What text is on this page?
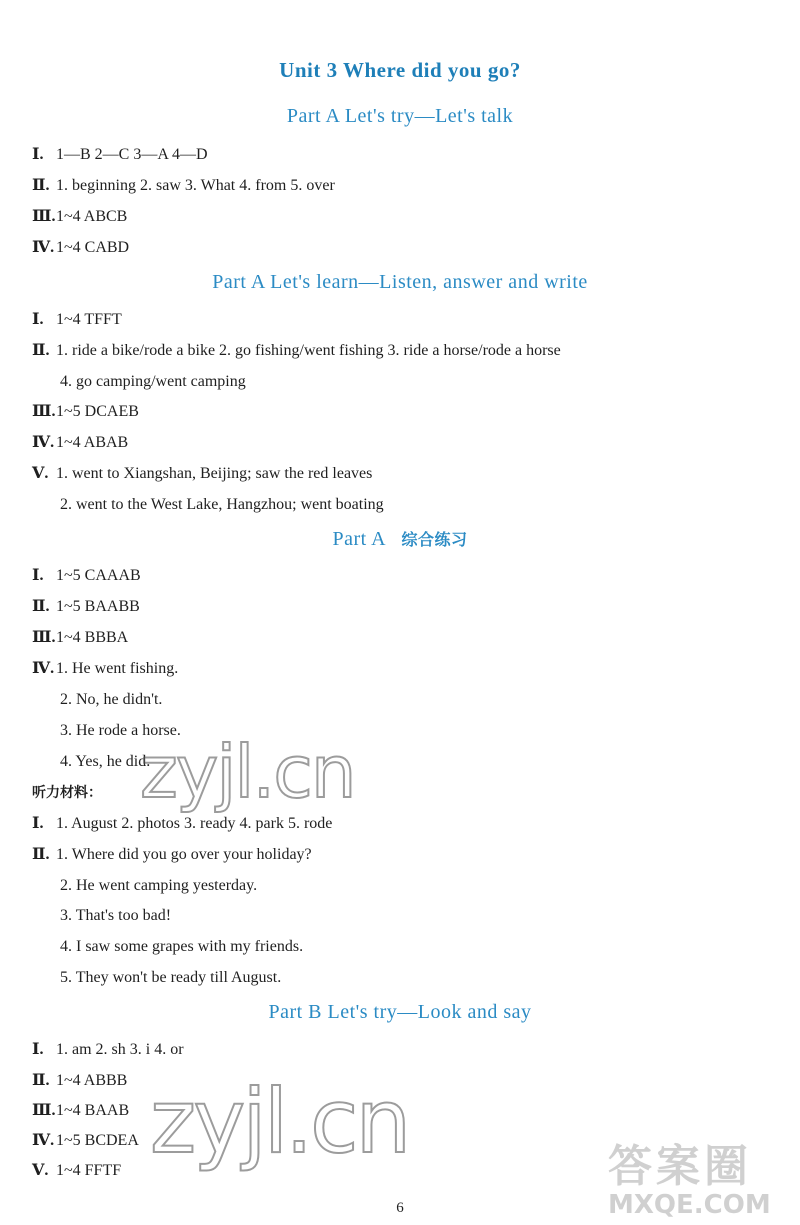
Unit 3 Where did you go?
Part A Let's try—Let's talk
Ⅰ. 1—B 2—C 3—A 4—D
Ⅱ. 1. beginning 2. saw 3. What 4. from 5. over
Ⅲ.1~4 ABCB
Ⅳ. 1~4 CABD
Part A Let's learn—Listen, answer and write
Ⅰ. 1~4 TFFT
Ⅱ. 1. ride a bike/rode a bike 2. go fishing/went fishing 3. ride a horse/rode a horse
4. go camping/went camping
Ⅲ.1~5 DCAEB
Ⅳ. 1~4 ABAB
Ⅴ. 1. went to Xiangshan, Beijing; saw the red leaves
2. went to the West Lake, Hangzhou; went boating
Part A   综合练习
Ⅰ. 1~5 CAAAB
Ⅱ. 1~5 BAABB
Ⅲ.1~4 BBBA
Ⅳ. 1. He went fishing.
2. No, he didn't.
3. He rode a horse.
4. Yes, he did.
听力材料：
Ⅰ. 1. August 2. photos 3. ready 4. park 5. rode
Ⅱ. 1. Where did you go over your holiday?
2. He went camping yesterday.
3. That's too bad!
4. I saw some grapes with my friends.
5. They won't be ready till August.
Part B Let's try—Look and say
Ⅰ. 1. am 2. sh 3. i 4. or
Ⅱ. 1~4 ABBB
Ⅲ.1~4 BAAB
Ⅳ. 1~5 BCDEA
Ⅴ. 1~4 FFTF
zyjl.cn
zyjl.cn	答案圈
MXQE.COM
6
